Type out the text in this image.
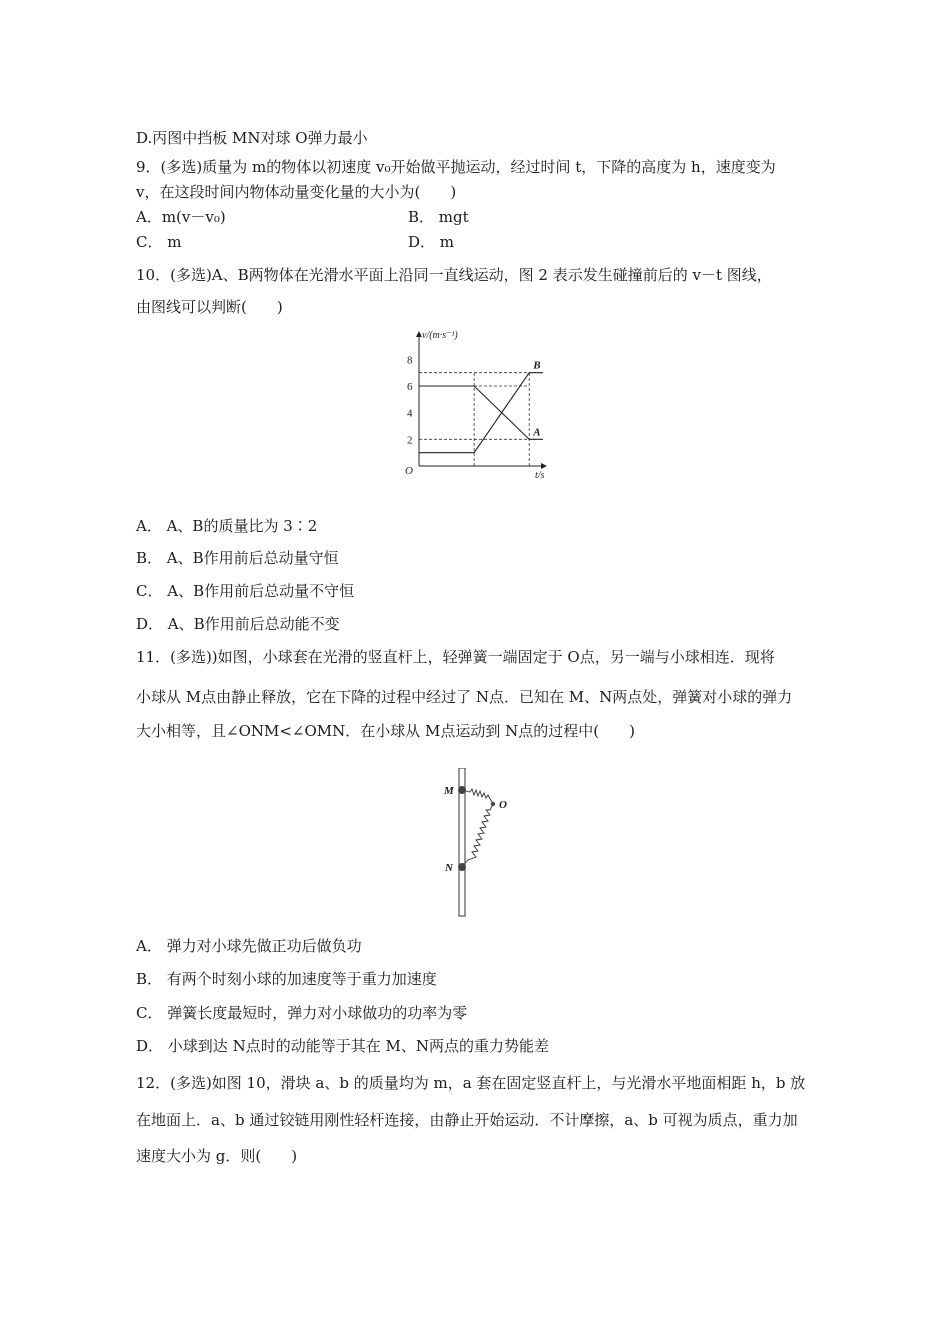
D.丙图中挡板 MN对球 O弹力最小
9．(多选)质量为 m的物体以初速度 v₀开始做平抛运动，经过时间 t，下降的高度为 h，速度变为
v，在这段时间内物体动量变化量的大小为(　　)
A．m(v－v₀)	B． mgt
C． m	D． m
10．(多选)A、B两物体在光滑水平面上沿同一直线运动，图 2 表示发生碰撞前后的 v－t 图线，
由图线可以判断(　　)
A． A、B的质量比为 3∶2
B． A、B作用前后总动量守恒
C． A、B作用前后总动量不守恒
D． A、B作用前后总动能不变
11．(多选))如图，小球套在光滑的竖直杆上，轻弹簧一端固定于 O点，另一端与小球相连．现将
小球从 M点由静止释放，它在下降的过程中经过了 N点．已知在 M、N两点处，弹簧对小球的弹力
大小相等，且∠ONM<∠OMN．在小球从 M点运动到 N点的过程中(　　)
A． 弹力对小球先做正功后做负功
B． 有两个时刻小球的加速度等于重力加速度
C． 弹簧长度最短时，弹力对小球做功的功率为零
D． 小球到达 N点时的动能等于其在 M、N两点的重力势能差
12．(多选)如图 10，滑块 a、b 的质量均为 m，a 套在固定竖直杆上，与光滑水平地面相距 h，b 放
在地面上．a、b 通过铰链用刚性轻杆连接，由静止开始运动．不计摩擦，a、b 可视为质点，重力加
速度大小为 g．则(　　)
v/(m·s⁻¹)
t/s
O
2
4
6
8
A
B
M
O
N
